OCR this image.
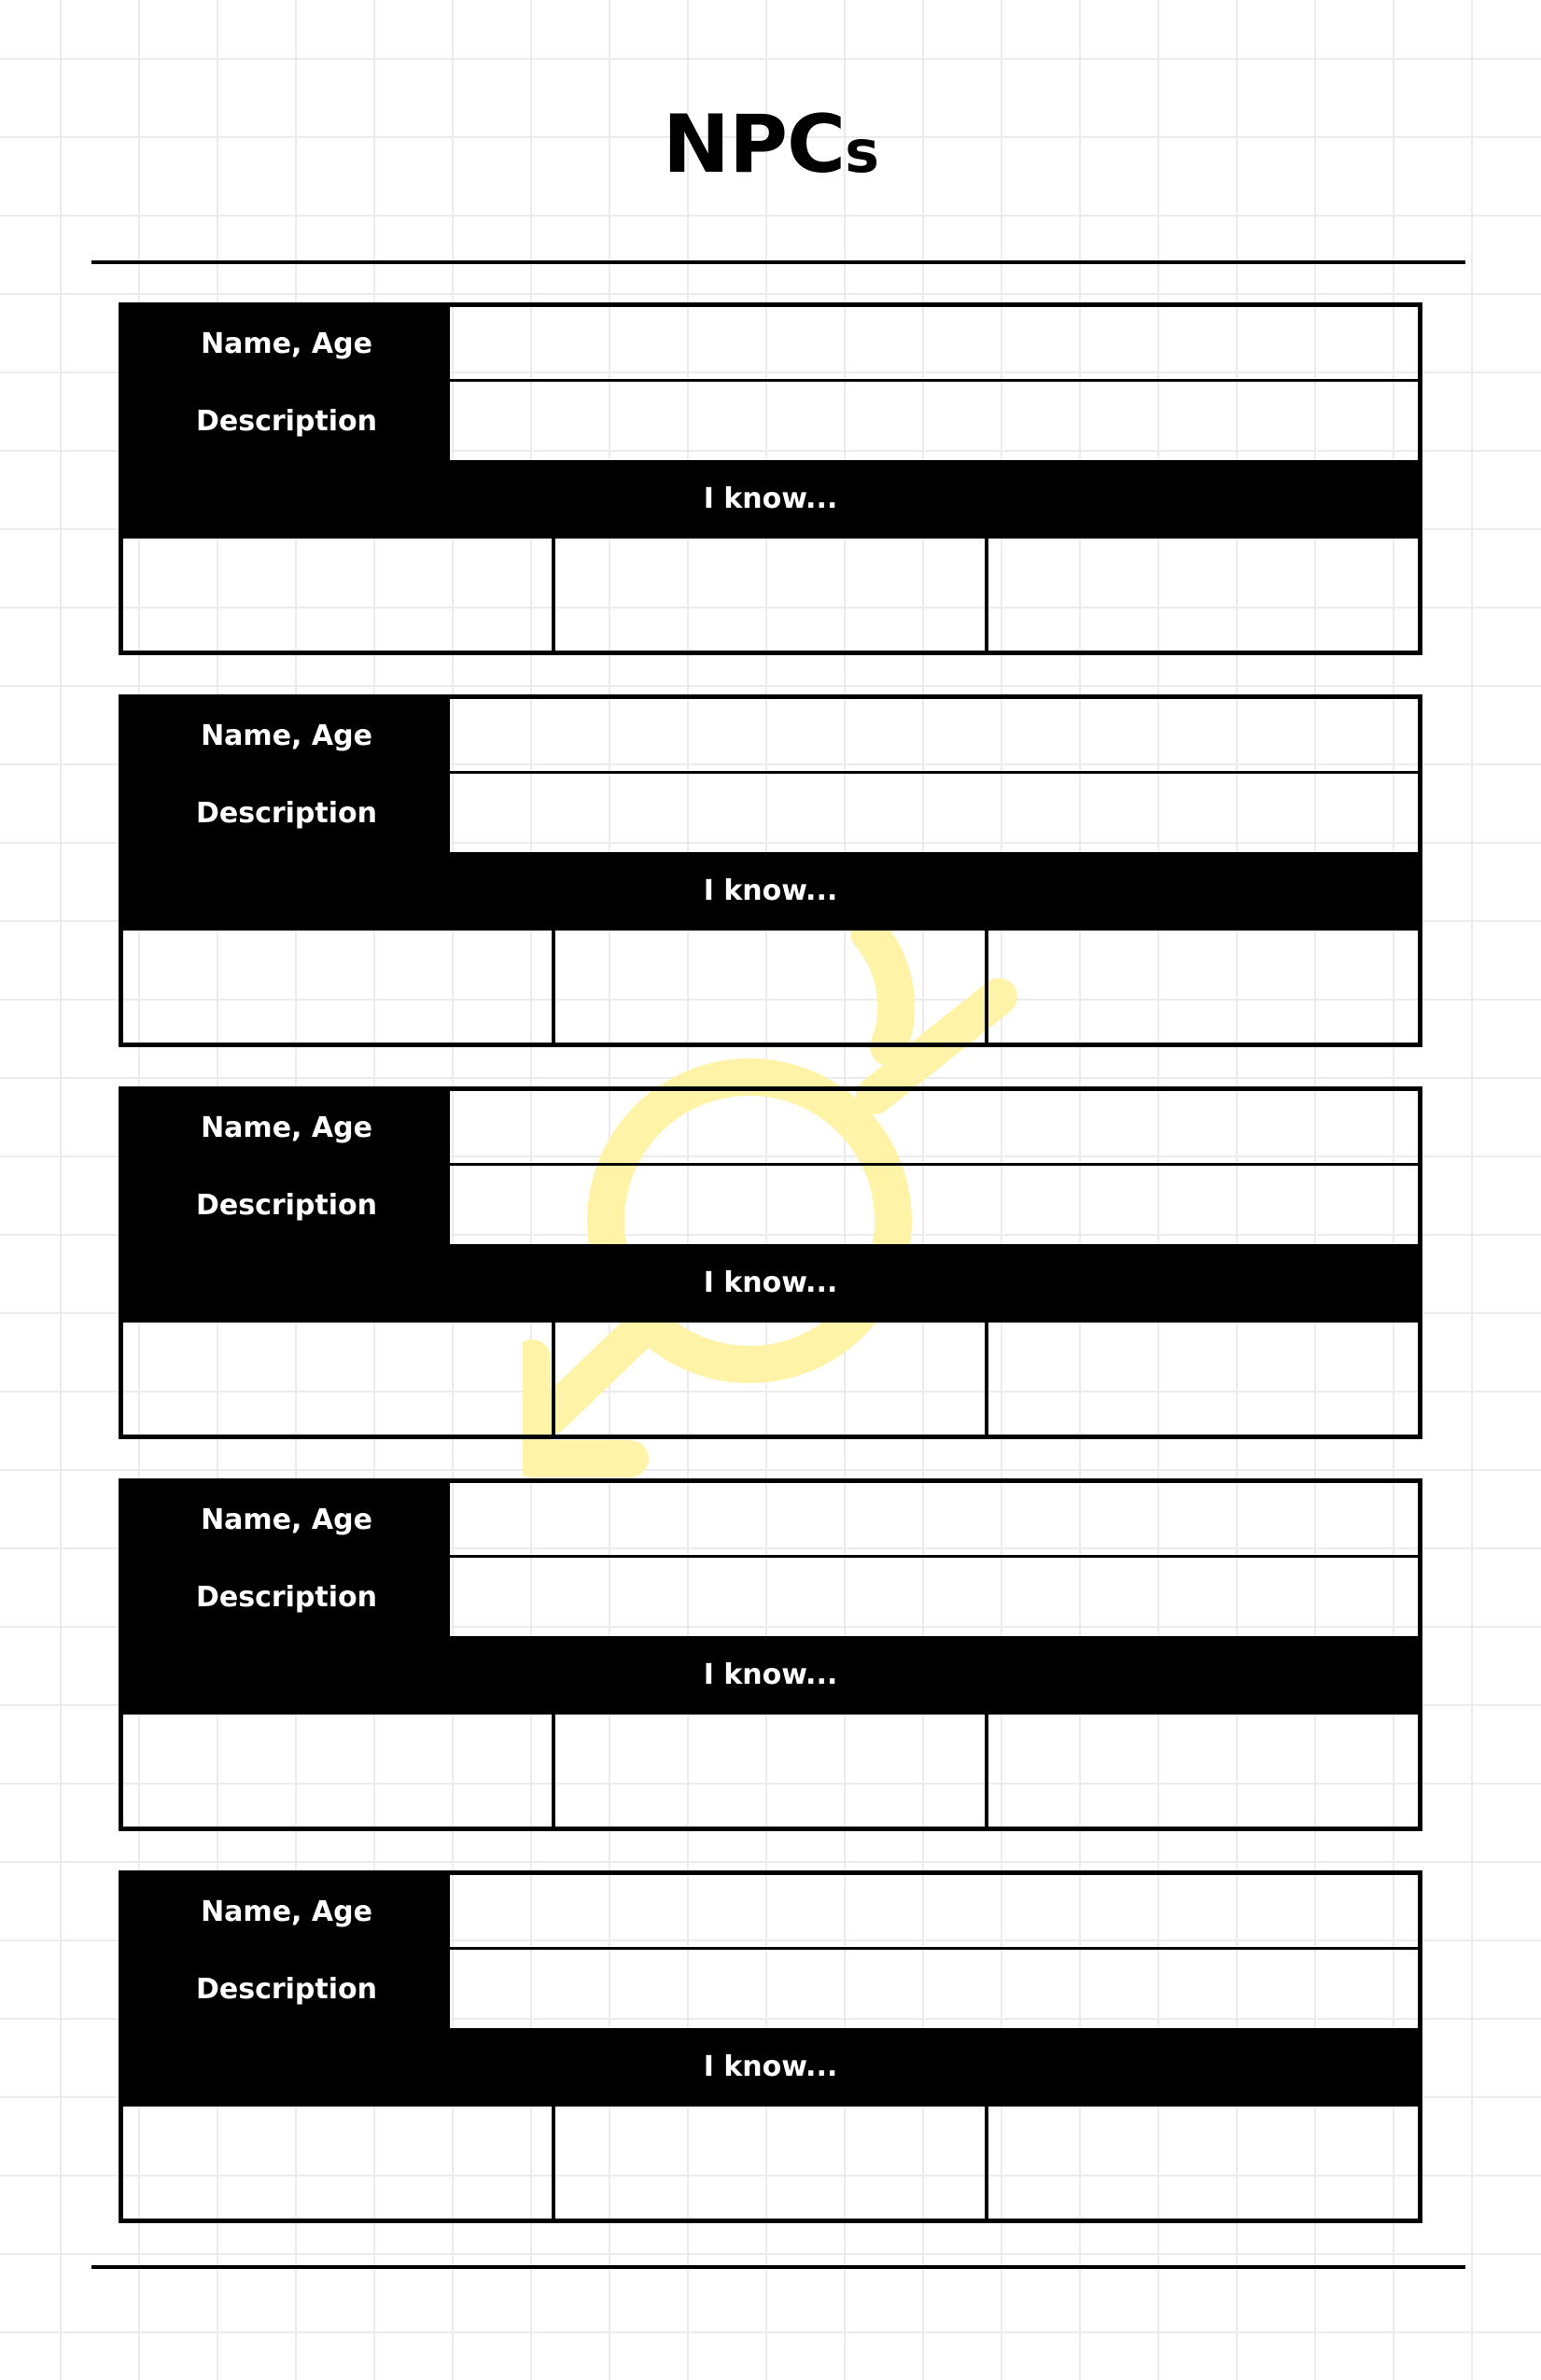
NPCs
Name, Age
Description
I know...
Name, Age
Description
I know...
Name, Age
Description
I know...
Name, Age
Description
I know...
Name, Age
Description
I know...
